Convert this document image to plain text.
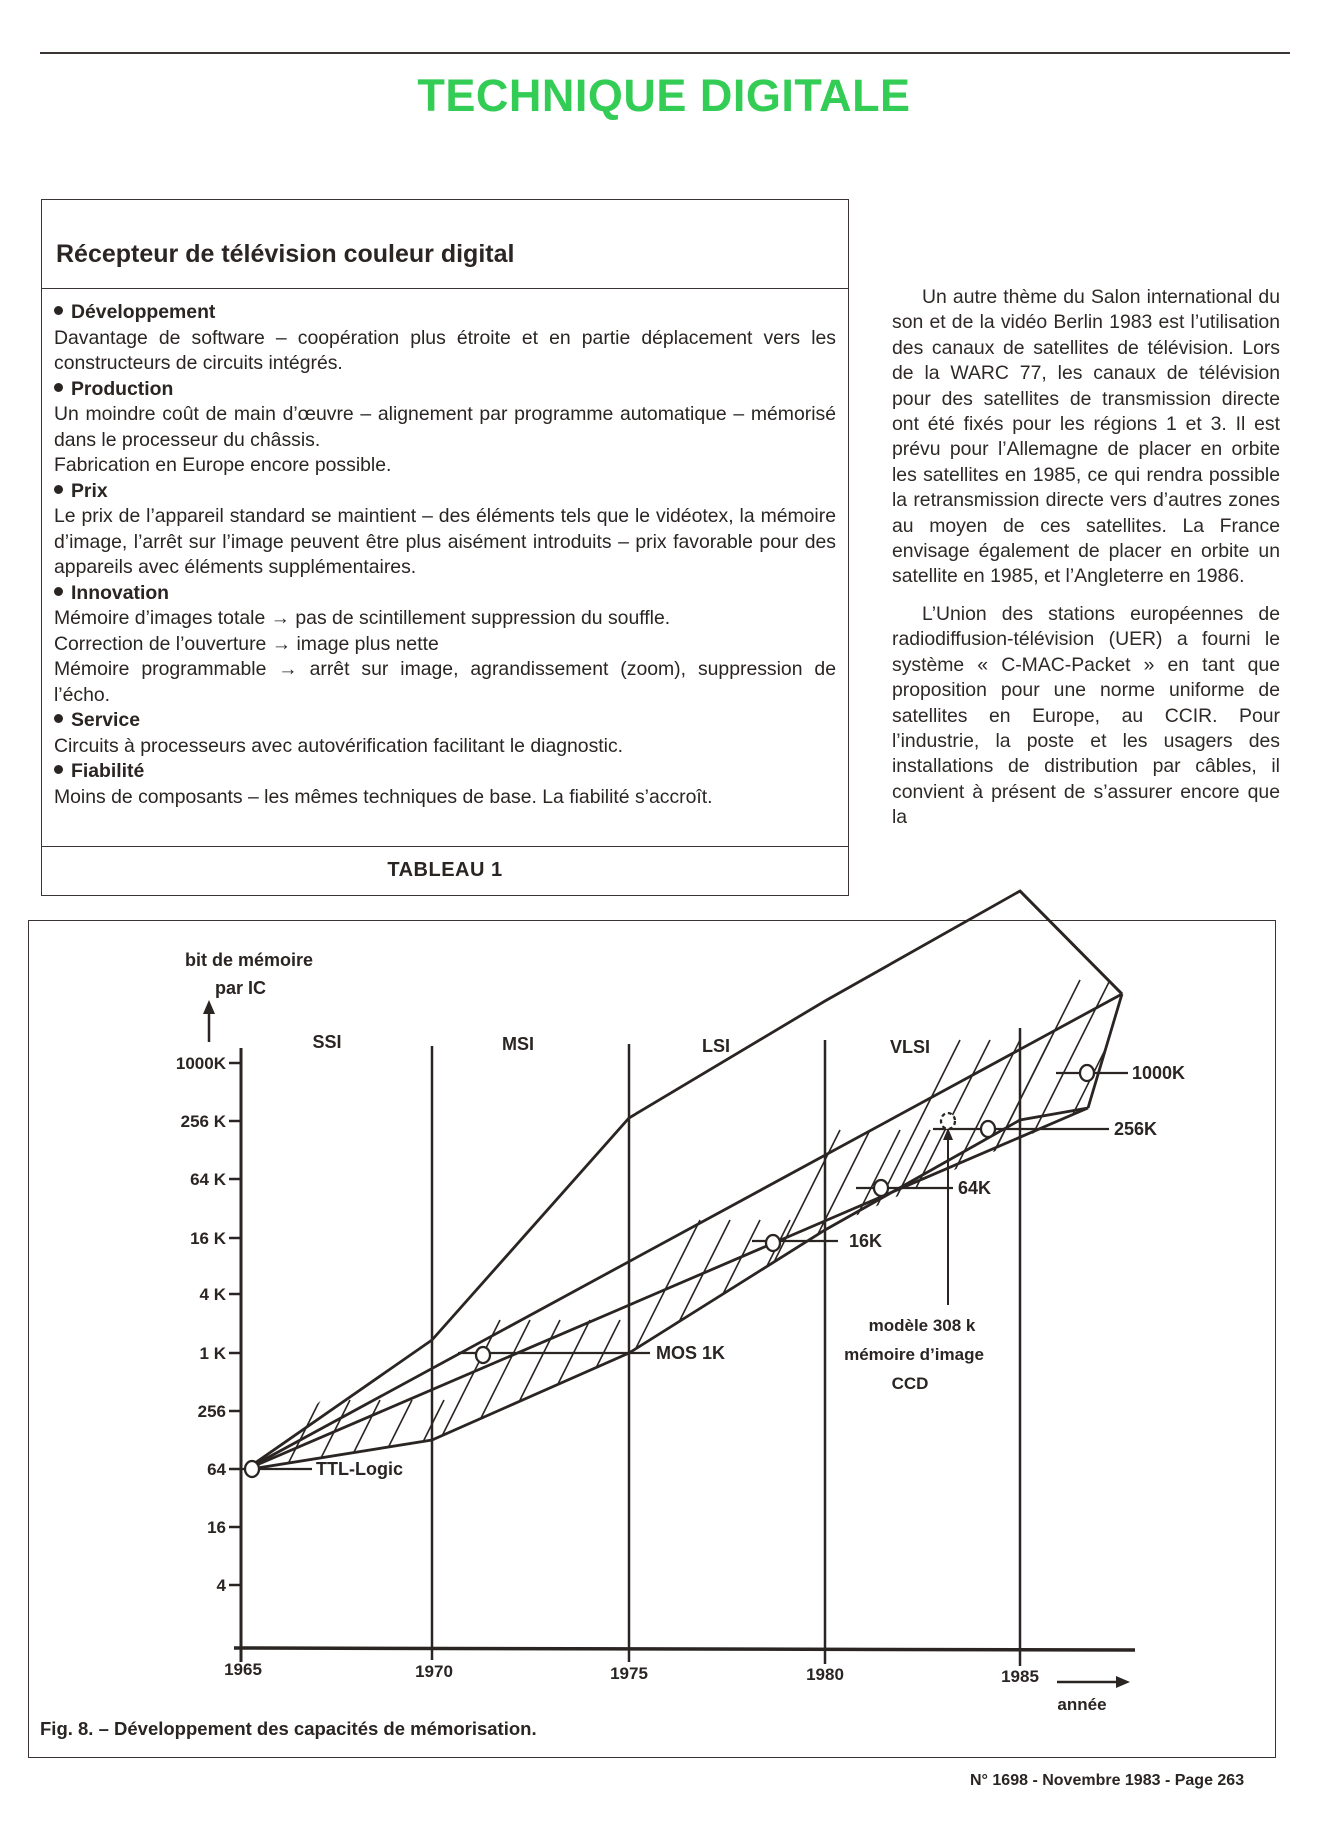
TECHNIQUE DIGITALE
Récepteur de télévision couleur digital
Développement
Davantage de software – coopération plus étroite et en partie déplacement vers les constructeurs de circuits intégrés.
Production
Un moindre coût de main d’œuvre – alignement par programme automatique – mémorisé dans le processeur du châssis.
Fabrication en Europe encore possible.
Prix
Le prix de l’appareil standard se maintient – des éléments tels que le vidéotex, la mémoire d’image, l’arrêt sur l’image peuvent être plus aisément introduits – prix favorable pour des appareils avec éléments supplémentaires.
Innovation
Mémoire d’images totale → pas de scintillement suppression du souffle.
Correction de l’ouverture → image plus nette
Mémoire programmable → arrêt sur image, agrandissement (zoom), suppression de l’écho.
Service
Circuits à processeurs avec autovérification facilitant le diagnostic.
Fiabilité
Moins de composants – les mêmes techniques de base. La fiabilité s’accroît.
TABLEAU 1

Un autre thème du Salon international du son et de la vidéo Berlin 1983 est l’utilisation des canaux de satellites de télévision. Lors de la WARC 77, les canaux de télévision pour des satellites de transmission directe ont été fixés pour les régions 1 et 3. Il est prévu pour l’Allemagne de placer en orbite les satellites en 1985, ce qui rendra possible la retransmission directe vers d’autres zones au moyen de ces satellites. La France envisage également de placer en orbite un satellite en 1985, et l’Angleterre en 1986.

L’Union des stations européennes de radiodiffusion-télévision (UER) a fourni le système « C-MAC-Packet » en tant que proposition pour une norme uniforme de satellites en Europe, au CCIR. Pour l’industrie, la poste et les usagers des installations de distribution par câbles, il convient à présent de s’assurer encore que la

bit de mémoire
par IC
1000K
256 K
64 K
16 K
4 K
1 K
256
64
16
4
SSI	MSI	LSI	VLSI
1965	1970	1975	1980	1985
année
TTL-Logic
MOS 1K
16K
64K
256K
1000K
modèle 308 k
mémoire d’image
CCD
Fig. 8. – Développement des capacités de mémorisation.
N° 1698 - Novembre 1983 - Page 263
